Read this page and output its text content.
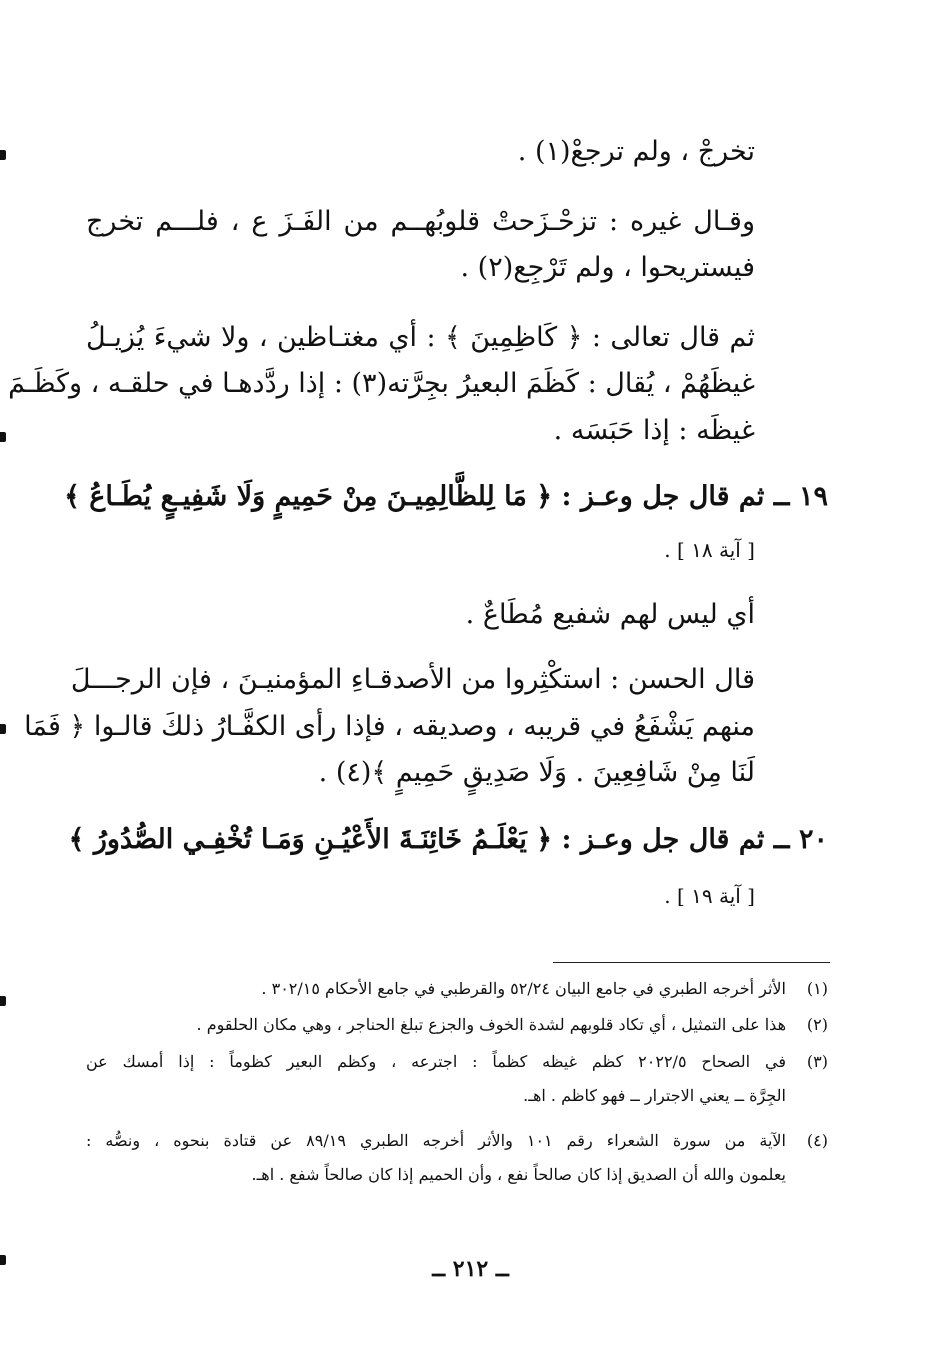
تخرجْ ، ولم ترجعْ(١) .
وقـال غيره : تزحْـزَحتْ قلوبُهــم من الفَـزَ ع ، فلـــم تخرج
فيستريحوا ، ولم تَرْجِع(٢) .
ثم قال تعالى : ﴿ كَاظِمِينَ ﴾ : أي مغتـاظين ، ولا شيءَ يُزيـلُ
غيظَهُمْ ، يُقال : كَظَمَ البعيرُ بجِرَّته(٣) : إذا ردَّدهـا في حلقـه ، وكَظَـمَ
غيظَه : إذا حَبَسَه .
١٩ ــ ثم قال جل وعـز : ﴿ مَا لِلظَّالِمِيـنَ مِنْ حَمِيمٍ وَلَا شَفِيـعٍ يُطَـاعُ ﴾
[ آية ١٨ ] .
أي ليس لهم شفيع مُطَاعٌ .
قال الحسن : استكْثِروا من الأصدقـاءِ المؤمنيـنَ ، فإن الرجـــلَ
منهم يَشْفَعُ في قريبه ، وصديقه ، فإذا رأى الكفَّـارُ ذلكَ قالـوا ﴿ فَمَا
لَنَا مِنْ شَافِعِينَ . وَلَا صَدِيقٍ حَمِيمٍ ﴾(٤) .
٢٠ ــ ثم قال جل وعـز : ﴿ يَعْلَـمُ خَائِنَـةَ الأَعْيُـنِ وَمَـا تُخْفِـي الصُّدُورُ ﴾
[ آية ١٩ ] .
(١)
الأثر أخرجه الطبري في جامع البيان ٥٢/٢٤ والقرطبي في جامع الأحكام ٣٠٢/١٥ .
(٢)
هذا على التمثيل ، أي تكاد قلوبهم لشدة الخوف والجزع تبلغ الحناجر ، وهي مكان الحلقوم .
(٣)
في الصحاح ٢٠٢٢/٥ كظم غيظه كظماً : اجترعه ، وكظم البعير كظوماً : إذا أمسك عن
الجِرَّة ــ يعني الاجترار ــ فهو كاظم . اهـ.
(٤)
الآية من سورة الشعراء رقم ١٠١ والأثر أخرجه الطبري ٨٩/١٩ عن قتادة بنحوه ، ونصُّه :
يعلمون والله أن الصديق إذا كان صالحاً نفع ، وأن الحميم إذا كان صالحاً شفع . اهـ.
ــ ٢١٢ ــ
